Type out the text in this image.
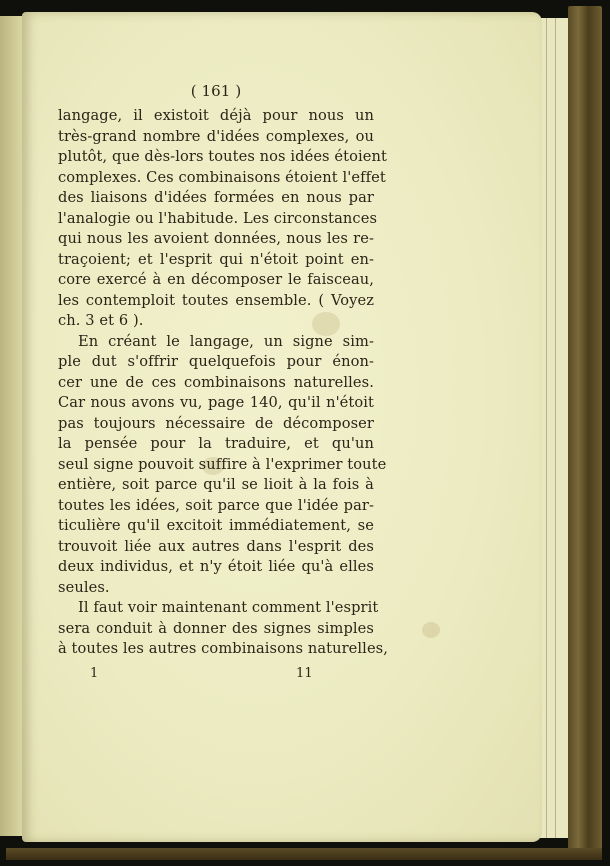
( 161 )
langage, il existoit déjà pour nous un
très-grand nombre d'idées complexes, ou
plutôt, que dès-lors toutes nos idées étoient
complexes. Ces combinaisons étoient l'effet
des liaisons d'idées formées en nous par
l'analogie ou l'habitude. Les circonstances
qui nous les avoient données, nous les re-
traçoient; et l'esprit qui n'étoit point en-
core exercé à en décomposer le faisceau,
les contemploit toutes ensemble. ( Voyez
ch. 3 et 6 ).
En créant le langage, un signe sim-
ple dut s'offrir quelquefois pour énon-
cer une de ces combinaisons naturelles.
Car nous avons vu, page 140, qu'il n'étoit
pas toujours nécessaire de décomposer
la pensée pour la traduire, et qu'un
seul signe pouvoit suffire à l'exprimer toute
entière, soit parce qu'il se lioit à la fois à
toutes les idées, soit parce que l'idée par-
ticulière qu'il excitoit immédiatement, se
trouvoit liée aux autres dans l'esprit des
deux individus, et n'y étoit liée qu'à elles
seules.
Il faut voir maintenant comment l'esprit
sera conduit à donner des signes simples
à toutes les autres combinaisons naturelles,
1	11
